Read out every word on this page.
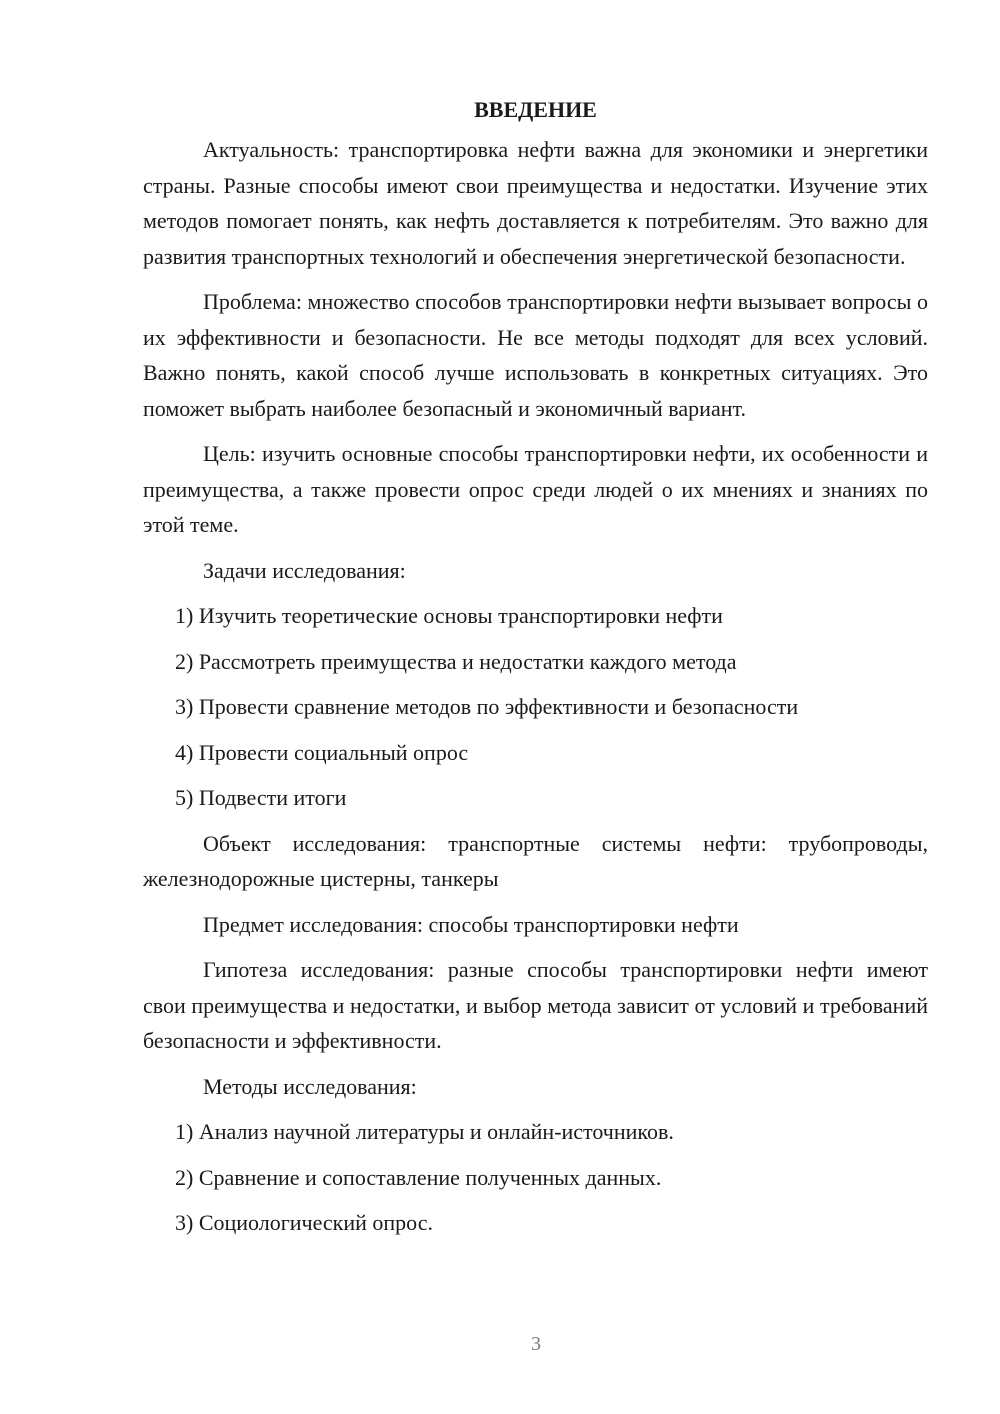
ВВЕДЕНИЕ

Актуальность: транспортировка нефти важна для экономики и энергетики страны. Разные способы имеют свои преимущества и недостатки. Изучение этих методов помогает понять, как нефть доставляется к потребителям. Это важно для развития транспортных технологий и обеспечения энергетической безопасности.

Проблема: множество способов транспортировки нефти вызывает вопросы о их эффективности и безопасности. Не все методы подходят для всех условий. Важно понять, какой способ лучше использовать в конкретных ситуациях. Это поможет выбрать наиболее безопасный и экономичный вариант.

Цель: изучить основные способы транспортировки нефти, их особенности и преимущества, а также провести опрос среди людей о их мнениях и знаниях по этой теме.

Задачи исследования:

1) Изучить теоретические основы транспортировки нефти
2) Рассмотреть преимущества и недостатки каждого метода
3) Провести сравнение методов по эффективности и безопасности
4) Провести социальный опрос
5) Подвести итоги

Объект исследования: транспортные системы нефти: трубопроводы, железнодорожные цистерны, танкеры

Предмет исследования: способы транспортировки нефти

Гипотеза исследования: разные способы транспортировки нефти имеют свои преимущества и недостатки, и выбор метода зависит от условий и требований безопасности и эффективности.

Методы исследования:

1) Анализ научной литературы и онлайн-источников.
2) Сравнение и сопоставление полученных данных.
3) Социологический опрос.
3
